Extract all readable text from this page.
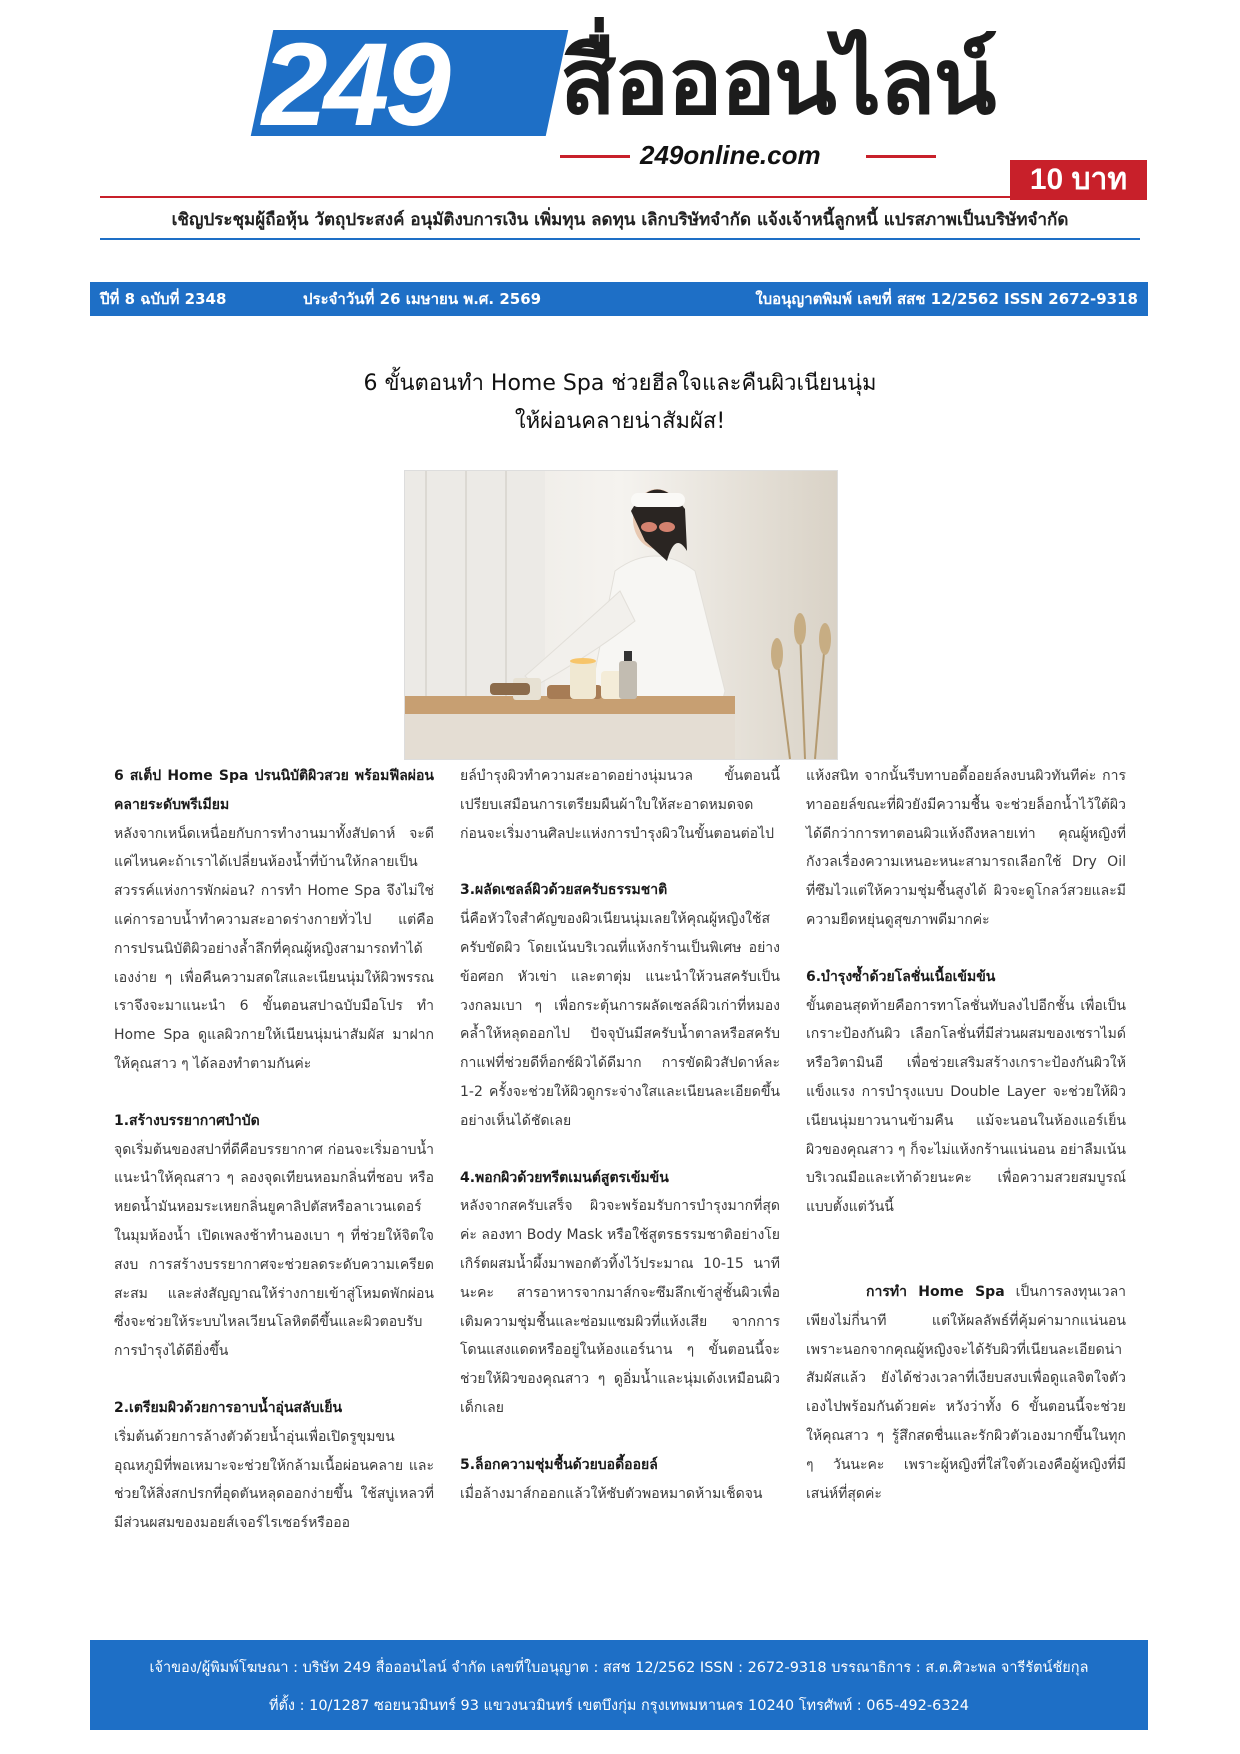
249 สื่อออนไลน์
249online.com
10 บาท
เชิญประชุมผู้ถือหุ้น วัตถุประสงค์ อนุมัติงบการเงิน เพิ่มทุน ลดทุน เลิกบริษัทจำกัด แจ้งเจ้าหนี้ลูกหนี้ แปรสภาพเป็นบริษัทจำกัด
ปีที่ 8 ฉบับที่ 2348	ประจำวันที่ 26 เมษายน พ.ศ. 2569	ใบอนุญาตพิมพ์ เลขที่ สสช 12/2562 ISSN 2672-9318
6 ขั้นตอนทำ Home Spa ช่วยฮีลใจและคืนผิวเนียนนุ่ม
ให้ผ่อนคลายน่าสัมผัส!
6 สเต็ป Home Spa ปรนนิบัติผิวสวย พร้อมฟีลผ่อนคลายระดับพรีเมียม

หลังจากเหน็ดเหนื่อยกับการทำงานมาทั้งสัปดาห์ จะดีแค่ไหนคะถ้าเราได้เปลี่ยนห้องน้ำที่บ้านให้กลายเป็นสวรรค์แห่งการพักผ่อน? การทำ Home Spa จึงไม่ใช่แค่การอาบน้ำทำความสะอาดร่างกายทั่วไป แต่คือการปรนนิบัติผิวอย่างล้ำลึกที่คุณผู้หญิงสามารถทำได้เองง่าย ๆ เพื่อคืนความสดใสและเนียนนุ่มให้ผิวพรรณ เราจึงจะมาแนะนำ 6 ขั้นตอนสปาฉบับมือโปร ทำ Home Spa ดูแลผิวกายให้เนียนนุ่มน่าสัมผัส มาฝากให้คุณสาว ๆ ได้ลองทำตามกันค่ะ

1.สร้างบรรยากาศบำบัด

จุดเริ่มต้นของสปาที่ดีคือบรรยากาศ ก่อนจะเริ่มอาบน้ำ แนะนำให้คุณสาว ๆ ลองจุดเทียนหอมกลิ่นที่ชอบ หรือหยดน้ำมันหอมระเหยกลิ่นยูคาลิปตัสหรือลาเวนเดอร์ในมุมห้องน้ำ เปิดเพลงช้าทำนองเบา ๆ ที่ช่วยให้จิตใจสงบ การสร้างบรรยากาศจะช่วยลดระดับความเครียดสะสม และส่งสัญญาณให้ร่างกายเข้าสู่โหมดพักผ่อน ซึ่งจะช่วยให้ระบบไหลเวียนโลหิตดีขึ้นและผิวตอบรับการบำรุงได้ดียิ่งขึ้น

2.เตรียมผิวด้วยการอาบน้ำอุ่นสลับเย็น

เริ่มต้นด้วยการล้างตัวด้วยน้ำอุ่นเพื่อเปิดรูขุมขน อุณหภูมิที่พอเหมาะจะช่วยให้กล้ามเนื้อผ่อนคลาย และช่วยให้สิ่งสกปรกที่อุดตันหลุดออกง่ายขึ้น ใช้สบู่เหลวที่มีส่วนผสมของมอยส์เจอร์ไรเซอร์หรือออ

ยล์บำรุงผิวทำความสะอาดอย่างนุ่มนวล ขั้นตอนนี้เปรียบเสมือนการเตรียมผืนผ้าใบให้สะอาดหมดจด ก่อนจะเริ่มงานศิลปะแห่งการบำรุงผิวในขั้นตอนต่อไป

3.ผลัดเซลล์ผิวด้วยสครับธรรมชาติ

นี่คือหัวใจสำคัญของผิวเนียนนุ่มเลยให้คุณผู้หญิงใช้สครับขัดผิว โดยเน้นบริเวณที่แห้งกร้านเป็นพิเศษ อย่าง ข้อศอก หัวเข่า และตาตุ่ม แนะนำให้วนสครับเป็นวงกลมเบา ๆ เพื่อกระตุ้นการผลัดเซลล์ผิวเก่าที่หมองคล้ำให้หลุดออกไป ปัจจุบันมีสครับน้ำตาลหรือสครับกาแฟที่ช่วยดีท็อกซ์ผิวได้ดีมาก การขัดผิวสัปดาห์ละ 1-2 ครั้งจะช่วยให้ผิวดูกระจ่างใสและเนียนละเอียดขึ้นอย่างเห็นได้ชัดเลย

4.พอกผิวด้วยทรีตเมนต์สูตรเข้มข้น

หลังจากสครับเสร็จ ผิวจะพร้อมรับการบำรุงมากที่สุดค่ะ ลองทา Body Mask หรือใช้สูตรธรรมชาติอย่างโยเกิร์ตผสมน้ำผึ้งมาพอกตัวทิ้งไว้ประมาณ 10-15 นาทีนะคะ สารอาหารจากมาส์กจะซึมลึกเข้าสู่ชั้นผิวเพื่อเติมความชุ่มชื้นและซ่อมแซมผิวที่แห้งเสีย จากการโดนแสงแดดหรืออยู่ในห้องแอร์นาน ๆ ขั้นตอนนี้จะช่วยให้ผิวของคุณสาว ๆ ดูอิ่มน้ำและนุ่มเด้งเหมือนผิวเด็กเลย

5.ล็อกความชุ่มชื้นด้วยบอดี้ออยล์

เมื่อล้างมาส์กออกแล้วให้ซับตัวพอหมาดห้ามเช็ดจน

แห้งสนิท จากนั้นรีบทาบอดี้ออยล์ลงบนผิวทันทีค่ะ การทาออยล์ขณะที่ผิวยังมีความชื้น จะช่วยล็อกน้ำไว้ใต้ผิวได้ดีกว่าการทาตอนผิวแห้งถึงหลายเท่า คุณผู้หญิงที่กังวลเรื่องความเหนอะหนะสามารถเลือกใช้ Dry Oil ที่ซึมไวแต่ให้ความชุ่มชื้นสูงได้ ผิวจะดูโกลว์สวยและมีความยืดหยุ่นดูสุขภาพดีมากค่ะ

6.บำรุงซ้ำด้วยโลชั่นเนื้อเข้มข้น

ขั้นตอนสุดท้ายคือการทาโลชั่นทับลงไปอีกชั้น เพื่อเป็นเกราะป้องกันผิว เลือกโลชั่นที่มีส่วนผสมของเซราไมด์หรือวิตามินอี เพื่อช่วยเสริมสร้างเกราะป้องกันผิวให้แข็งแรง การบำรุงแบบ Double Layer จะช่วยให้ผิวเนียนนุ่มยาวนานข้ามคืน แม้จะนอนในห้องแอร์เย็น ผิวของคุณสาว ๆ ก็จะไม่แห้งกร้านแน่นอน อย่าลืมเน้นบริเวณมือและเท้าด้วยนะคะ เพื่อความสวยสมบูรณ์แบบตั้งแต่วันนี้

การทำ Home Spa เป็นการลงทุนเวลาเพียงไม่กี่นาที แต่ให้ผลลัพธ์ที่คุ้มค่ามากแน่นอน เพราะนอกจากคุณผู้หญิงจะได้รับผิวที่เนียนละเอียดน่าสัมผัสแล้ว ยังได้ช่วงเวลาที่เงียบสงบเพื่อดูแลจิตใจตัวเองไปพร้อมกันด้วยค่ะ หวังว่าทั้ง 6 ขั้นตอนนี้จะช่วยให้คุณสาว ๆ รู้สึกสดชื่นและรักผิวตัวเองมากขึ้นในทุก ๆ วันนะคะ เพราะผู้หญิงที่ใส่ใจตัวเองคือผู้หญิงที่มีเสน่ห์ที่สุดค่ะ

เจ้าของ/ผู้พิมพ์โฆษณา : บริษัท 249 สื่อออนไลน์ จำกัด เลขที่ใบอนุญาต : สสช 12/2562 ISSN : 2672-9318 บรรณาธิการ : ส.ต.ศิวะพล จารีรัตน์ชัยกุล
ที่ตั้ง : 10/1287 ซอยนวมินทร์ 93 แขวงนวมินทร์ เขตบึงกุ่ม กรุงเทพมหานคร 10240 โทรศัพท์ : 065-492-6324
